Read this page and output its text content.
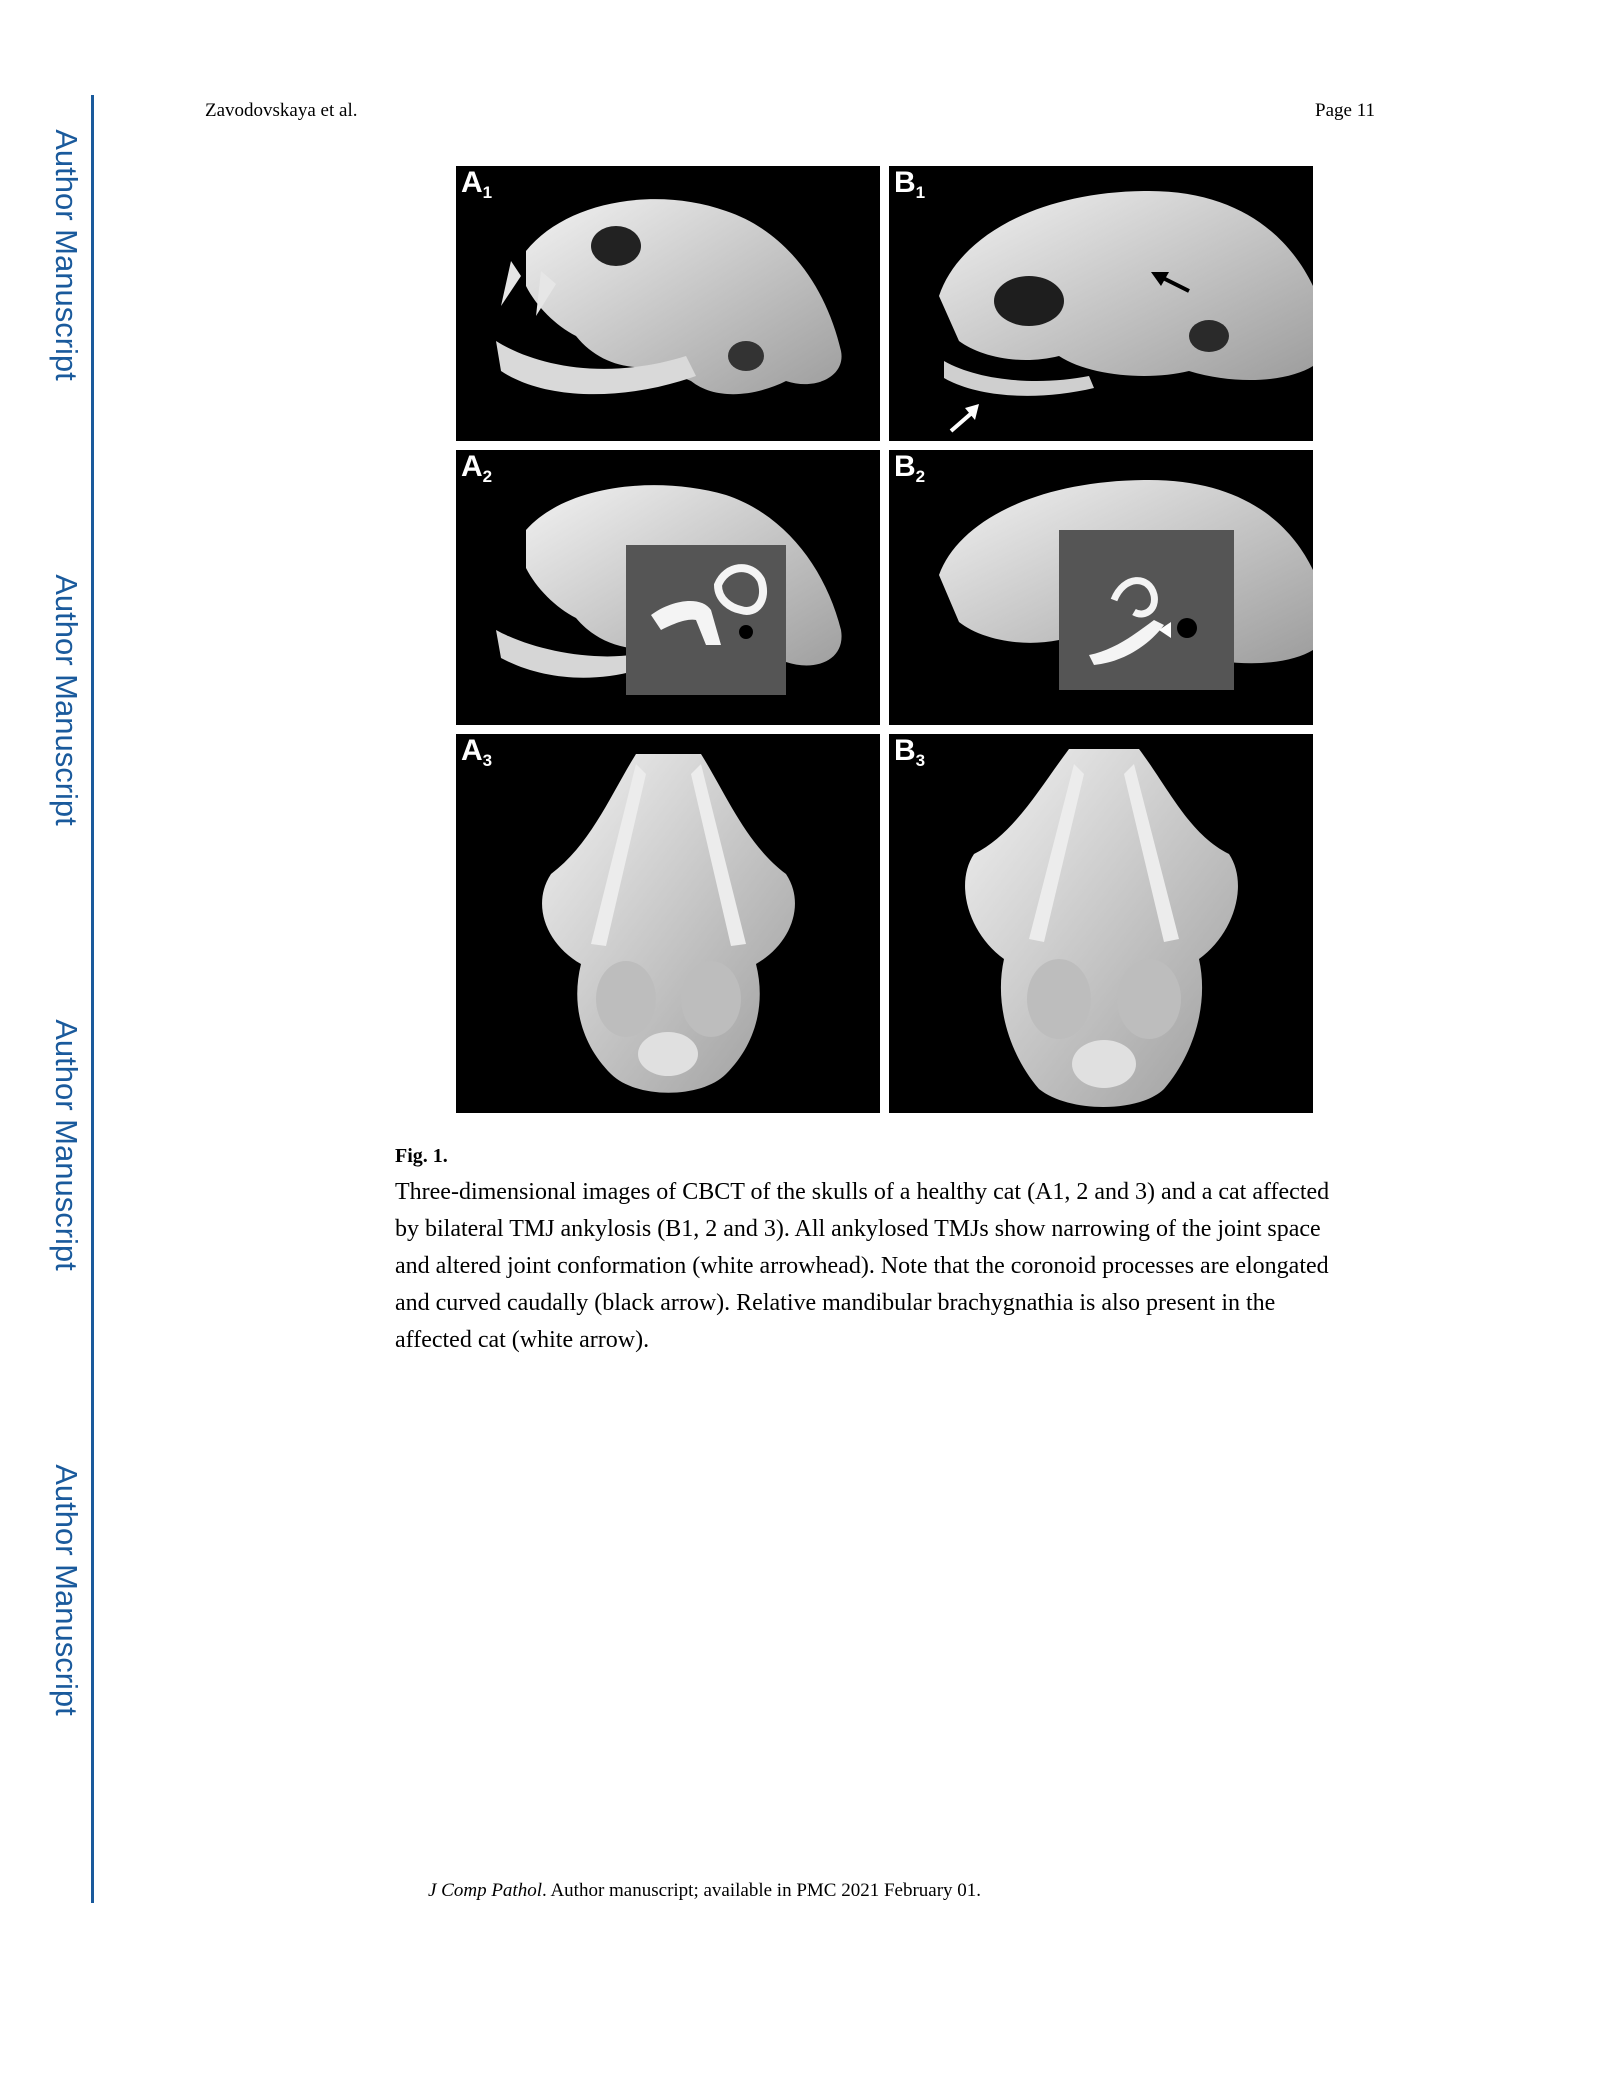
Author Manuscript
Author Manuscript
Author Manuscript
Author Manuscript
Zavodovskaya et al.	Page 11
$A_1$	$B_1$
$A_2$	$B_2$
$A_3$	$B_3$

Fig. 1.

Three-dimensional images of CBCT of the skulls of a healthy cat (A1, 2 and 3) and a cat affected by bilateral TMJ ankylosis (B1, 2 and 3). All ankylosed TMJs show narrowing of the joint space and altered joint conformation (white arrowhead). Note that the coronoid processes are elongated and curved caudally (black arrow). Relative mandibular brachygnathia is also present in the affected cat (white arrow).

J Comp Pathol. Author manuscript; available in PMC 2021 February 01.
